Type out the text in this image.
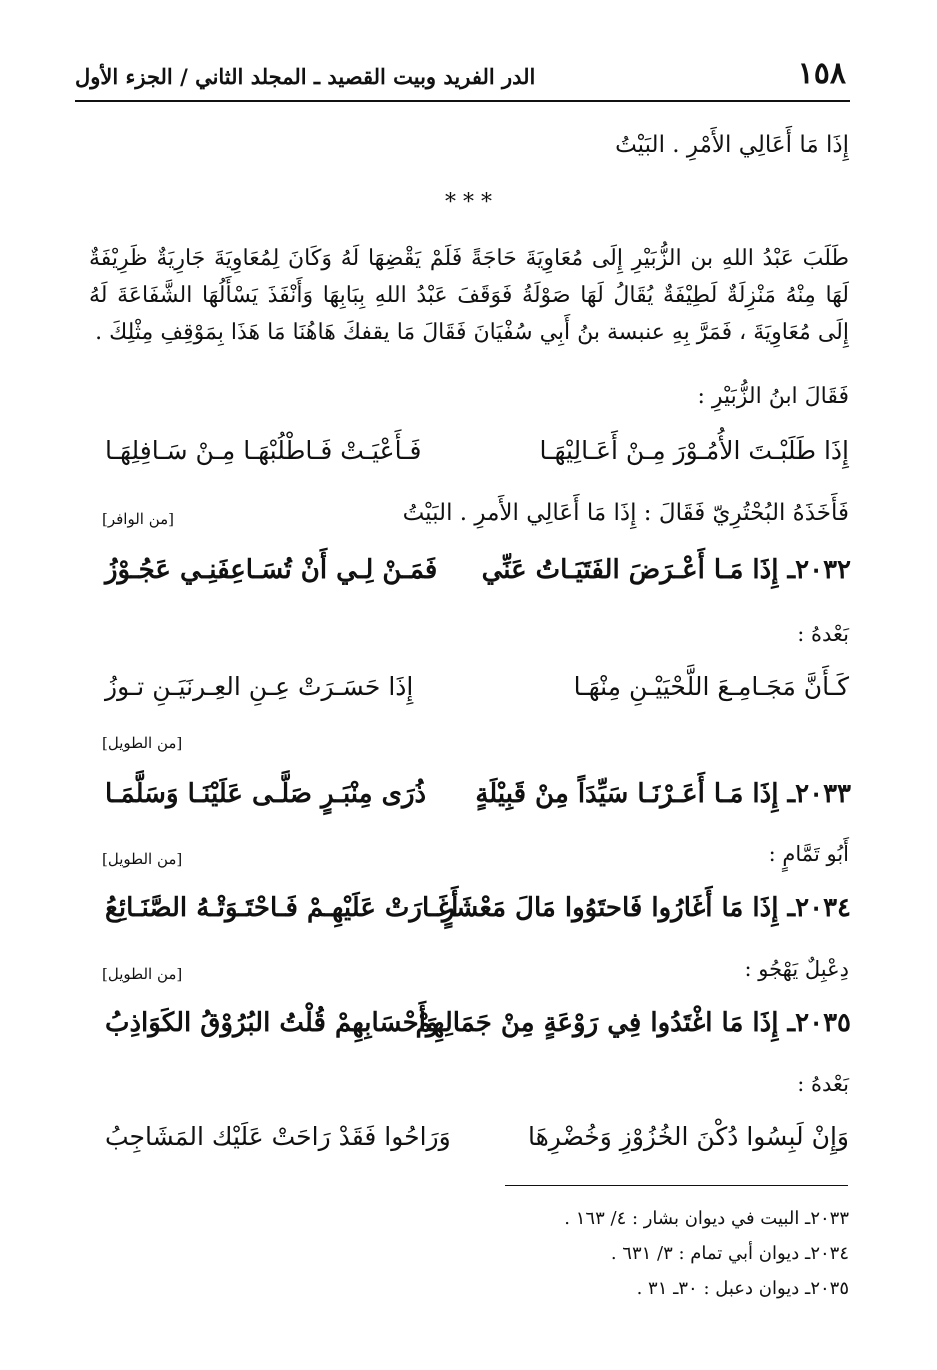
١٥٨
الدر الفريد وبيت القصيد ـ المجلد الثاني / الجزء الأول
إِذَا مَا أَعَالِي الأَمْرِ . البَيْتُ
* * *
طَلَبَ عَبْدُ اللهِ بن الزُّبَيْرِ إِلَى مُعَاوِيَةَ حَاجَةً فَلَمْ يَقْضِهَا لَهُ وَكَانَ لِمُعَاوِيَةَ جَارِيَةٌ ظَرِيْفَةٌ لَهَا مِنْهُ مَنْزِلَةٌ لَطِيْفَةٌ يُقَالُ لَهَا صَوْلَةُ فَوَقَفَ عَبْدُ اللهِ بِبَابِهَا وَأَنْفَذَ يَسْأَلُهَا الشَّفَاعَةَ لَهُ إِلَى مُعَاوِيَةَ ، فَمَرَّ بِهِ عنبسة بنُ أَبِي سُفْيَانَ فَقَالَ مَا يقفكَ هَاهُنَا مَا هَذَا بِمَوْقِفِ مِثْلِكَ .
فَقَالَ ابنُ الزُّبَيْرِ :
إِذَا طَلَبْـتَ الأُمُـوْرَ مِـنْ أَعَـالِيْهَـا
فَـأَعْيَـتْ فَـاطْلُبْهَـا مِـنْ سَـافِلِهَـا
فَأَخَذَهُ البُحْتُرِيّ فَقَالَ : إِذَا مَا أَعَالِي الأَمرِ . البَيْتُ
[من الوافر]
٢٠٣٢ـ إِذَا مَـا أَعْـرَضَ الفَتَيَـاتُ عَنِّي
فَمَـنْ لِـي أَنْ تُسَـاعِفَنِـي عَجُـوْزُ
بَعْدهُ :
كَـأَنَّ مَجَـامِـعَ اللَّحْيَيْـنِ مِنْهَـا
إِذَا حَسَـرَتْ عِـنِ العِـرنَيَـنِ تـوزُ
[من الطويل]
٢٠٣٣ـ إِذَا مَـا أَعَـرْنَـا سَيِّدَاً مِنْ قَبِيْلَةٍ
ذُرَى مِنْبَـرٍ صَلَّـى عَلَيْنَـا وَسَلَّمَـا
أَبُو تَمَّامٍ :
[من الطويل]
٢٠٣٤ـ إِذَا مَا أَغَارُوا فَاحتَوُوا مَالَ مَعْشَرٍ
أَغَـارَتْ عَلَيْهِـمْ فَـاحْتَـوَتْـهُ الصَّنَـائِعُ
دِعْبِلٌ يَهْجُو :
[من الطويل]
٢٠٣٥ـ إِذَا مَا اغْتَدُوا فِي رَوْعَةٍ مِنْ جَمَالِهِمْ
وَأَحْسَابِهِمْ قُلْتُ البُرُوْقُ الكَوَاذِبُ
بَعْدهُ :
وَإِنْ لَبِسُوا دُكْنَ الخُزُوْزِ وَخُضْرِهَا
وَرَاحُوا فَقَدْ رَاحَتْ عَلَيْك المَشَاجِبُ
٢٠٣٣ـ البيت في ديوان بشار : ٤/ ١٦٣ .
٢٠٣٤ـ ديوان أبي تمام : ٣/ ٦٣١ .
٢٠٣٥ـ ديوان دعبل : ٣٠ـ ٣١ .
